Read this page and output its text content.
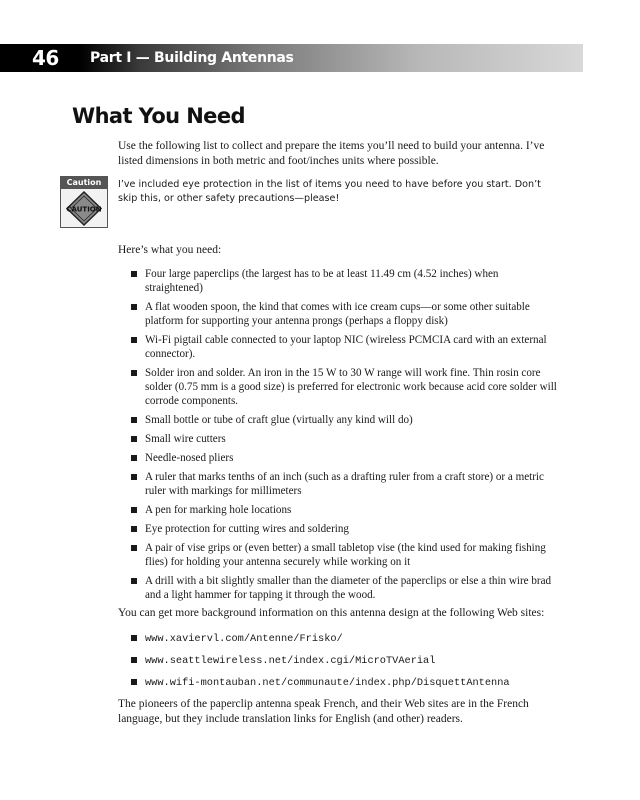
46 Part I — Building Antennas
What You Need

Use the following list to collect and prepare the items you’ll need to build your antenna. I’ve listed dimensions in both metric and foot/inches units where possible.

Caution
CAUTION

I’ve included eye protection in the list of items you need to have before you start. Don’t skip this, or other safety precautions—please!

Here’s what you need:

Four large paperclips (the largest has to be at least 11.49 cm (4.52 inches) when straightened)
A flat wooden spoon, the kind that comes with ice cream cups—or some other suitable platform for supporting your antenna prongs (perhaps a floppy disk)
Wi-Fi pigtail cable connected to your laptop NIC (wireless PCMCIA card with an external connector).
Solder iron and solder. An iron in the 15 W to 30 W range will work fine. Thin rosin core solder (0.75 mm is a good size) is preferred for electronic work because acid core solder will corrode components.
Small bottle or tube of craft glue (virtually any kind will do)
Small wire cutters
Needle-nosed pliers
A ruler that marks tenths of an inch (such as a drafting ruler from a craft store) or a metric ruler with markings for millimeters
A pen for marking hole locations
Eye protection for cutting wires and soldering
A pair of vise grips or (even better) a small tabletop vise (the kind used for making fishing flies) for holding your antenna securely while working on it
A drill with a bit slightly smaller than the diameter of the paperclips or else a thin wire brad and a light hammer for tapping it through the wood.

You can get more background information on this antenna design at the following Web sites:

www.xaviervl.com/Antenne/Frisko/
www.seattlewireless.net/index.cgi/MicroTVAerial
www.wifi-montauban.net/communaute/index.php/DisquettAntenna

The pioneers of the paperclip antenna speak French, and their Web sites are in the French language, but they include translation links for English (and other) readers.
